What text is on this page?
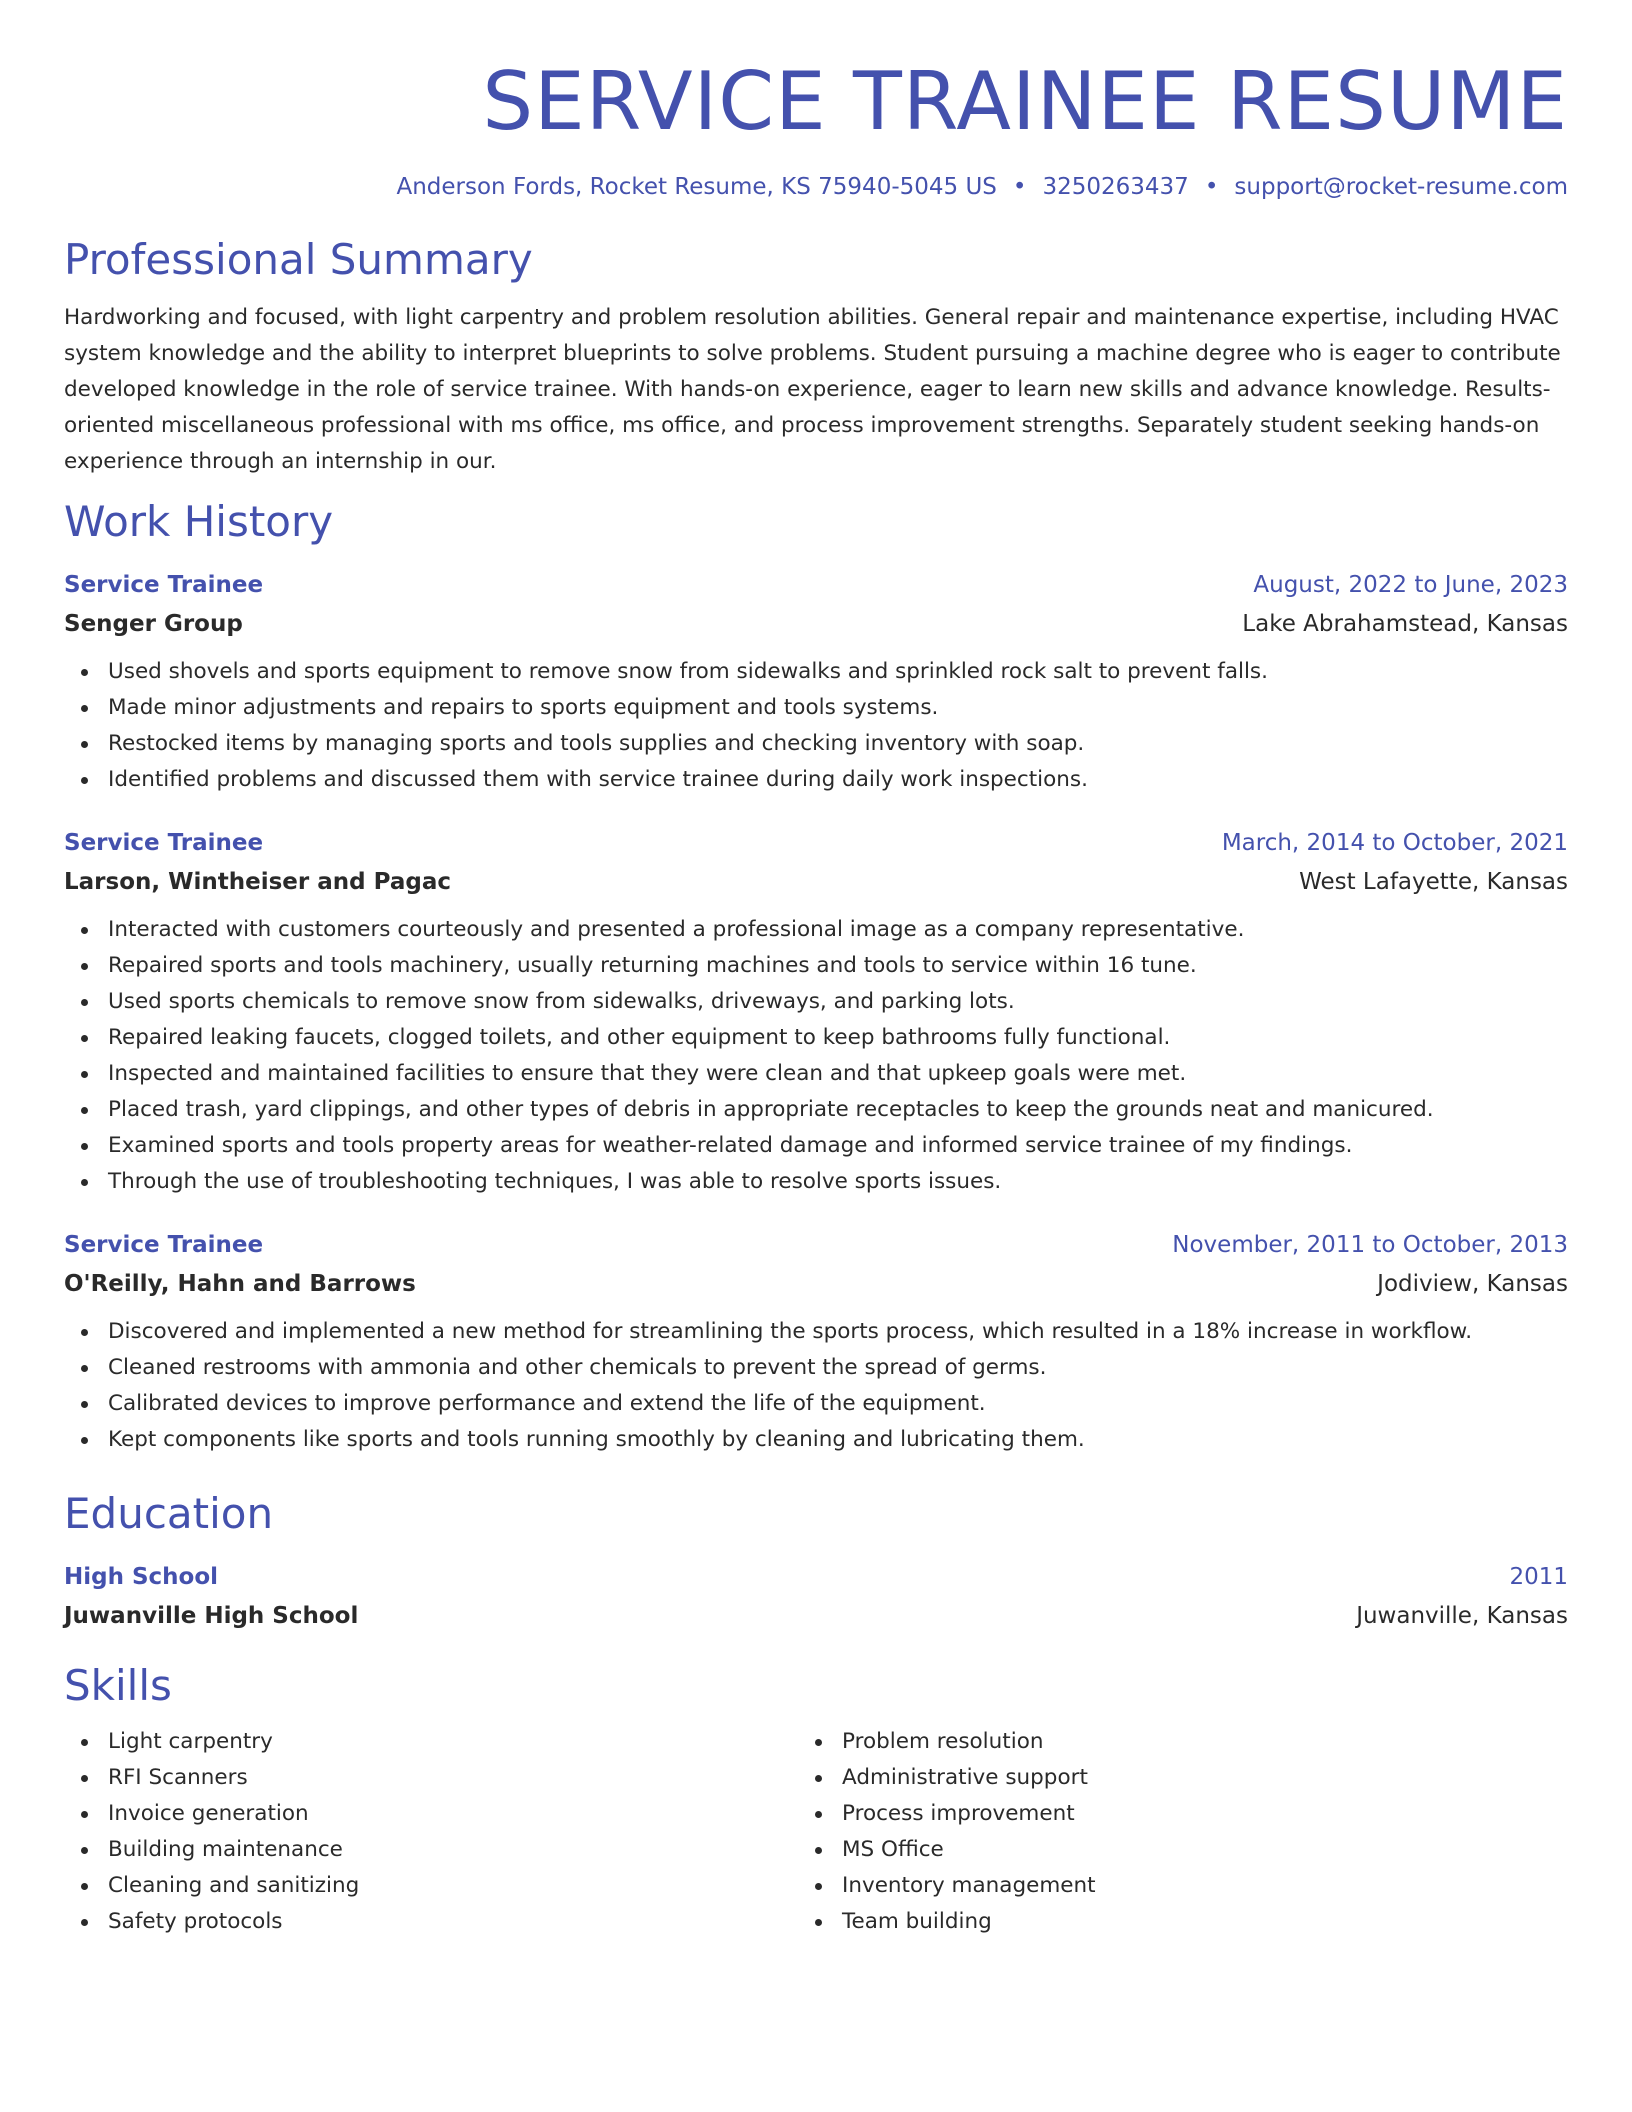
SERVICE TRAINEE RESUME
Anderson Fords, Rocket Resume, KS 75940-5045 US • 3250263437 • support@rocket-resume.com
Professional Summary
Hardworking and focused, with light carpentry and problem resolution abilities. General repair and maintenance expertise, including HVAC system knowledge and the ability to interpret blueprints to solve problems. Student pursuing a machine degree who is eager to contribute developed knowledge in the role of service trainee. With hands-on experience, eager to learn new skills and advance knowledge. Results-oriented miscellaneous professional with ms office, ms office, and process improvement strengths. Separately student seeking hands-on experience through an internship in our.
Work History
Service Trainee	August, 2022 to June, 2023
Senger Group	Lake Abrahamstead, Kansas
Used shovels and sports equipment to remove snow from sidewalks and sprinkled rock salt to prevent falls.
Made minor adjustments and repairs to sports equipment and tools systems.
Restocked items by managing sports and tools supplies and checking inventory with soap.
Identified problems and discussed them with service trainee during daily work inspections.
Service Trainee	March, 2014 to October, 2021
Larson, Wintheiser and Pagac	West Lafayette, Kansas
Interacted with customers courteously and presented a professional image as a company representative.
Repaired sports and tools machinery, usually returning machines and tools to service within 16 tune.
Used sports chemicals to remove snow from sidewalks, driveways, and parking lots.
Repaired leaking faucets, clogged toilets, and other equipment to keep bathrooms fully functional.
Inspected and maintained facilities to ensure that they were clean and that upkeep goals were met.
Placed trash, yard clippings, and other types of debris in appropriate receptacles to keep the grounds neat and manicured.
Examined sports and tools property areas for weather-related damage and informed service trainee of my findings.
Through the use of troubleshooting techniques, I was able to resolve sports issues.
Service Trainee	November, 2011 to October, 2013
O'Reilly, Hahn and Barrows	Jodiview, Kansas
Discovered and implemented a new method for streamlining the sports process, which resulted in a 18% increase in workflow.
Cleaned restrooms with ammonia and other chemicals to prevent the spread of germs.
Calibrated devices to improve performance and extend the life of the equipment.
Kept components like sports and tools running smoothly by cleaning and lubricating them.
Education
High School	2011
Juwanville High School	Juwanville, Kansas
Skills
Light carpentry
RFI Scanners
Invoice generation
Building maintenance
Cleaning and sanitizing
Safety protocols
Problem resolution
Administrative support
Process improvement
MS Office
Inventory management
Team building
